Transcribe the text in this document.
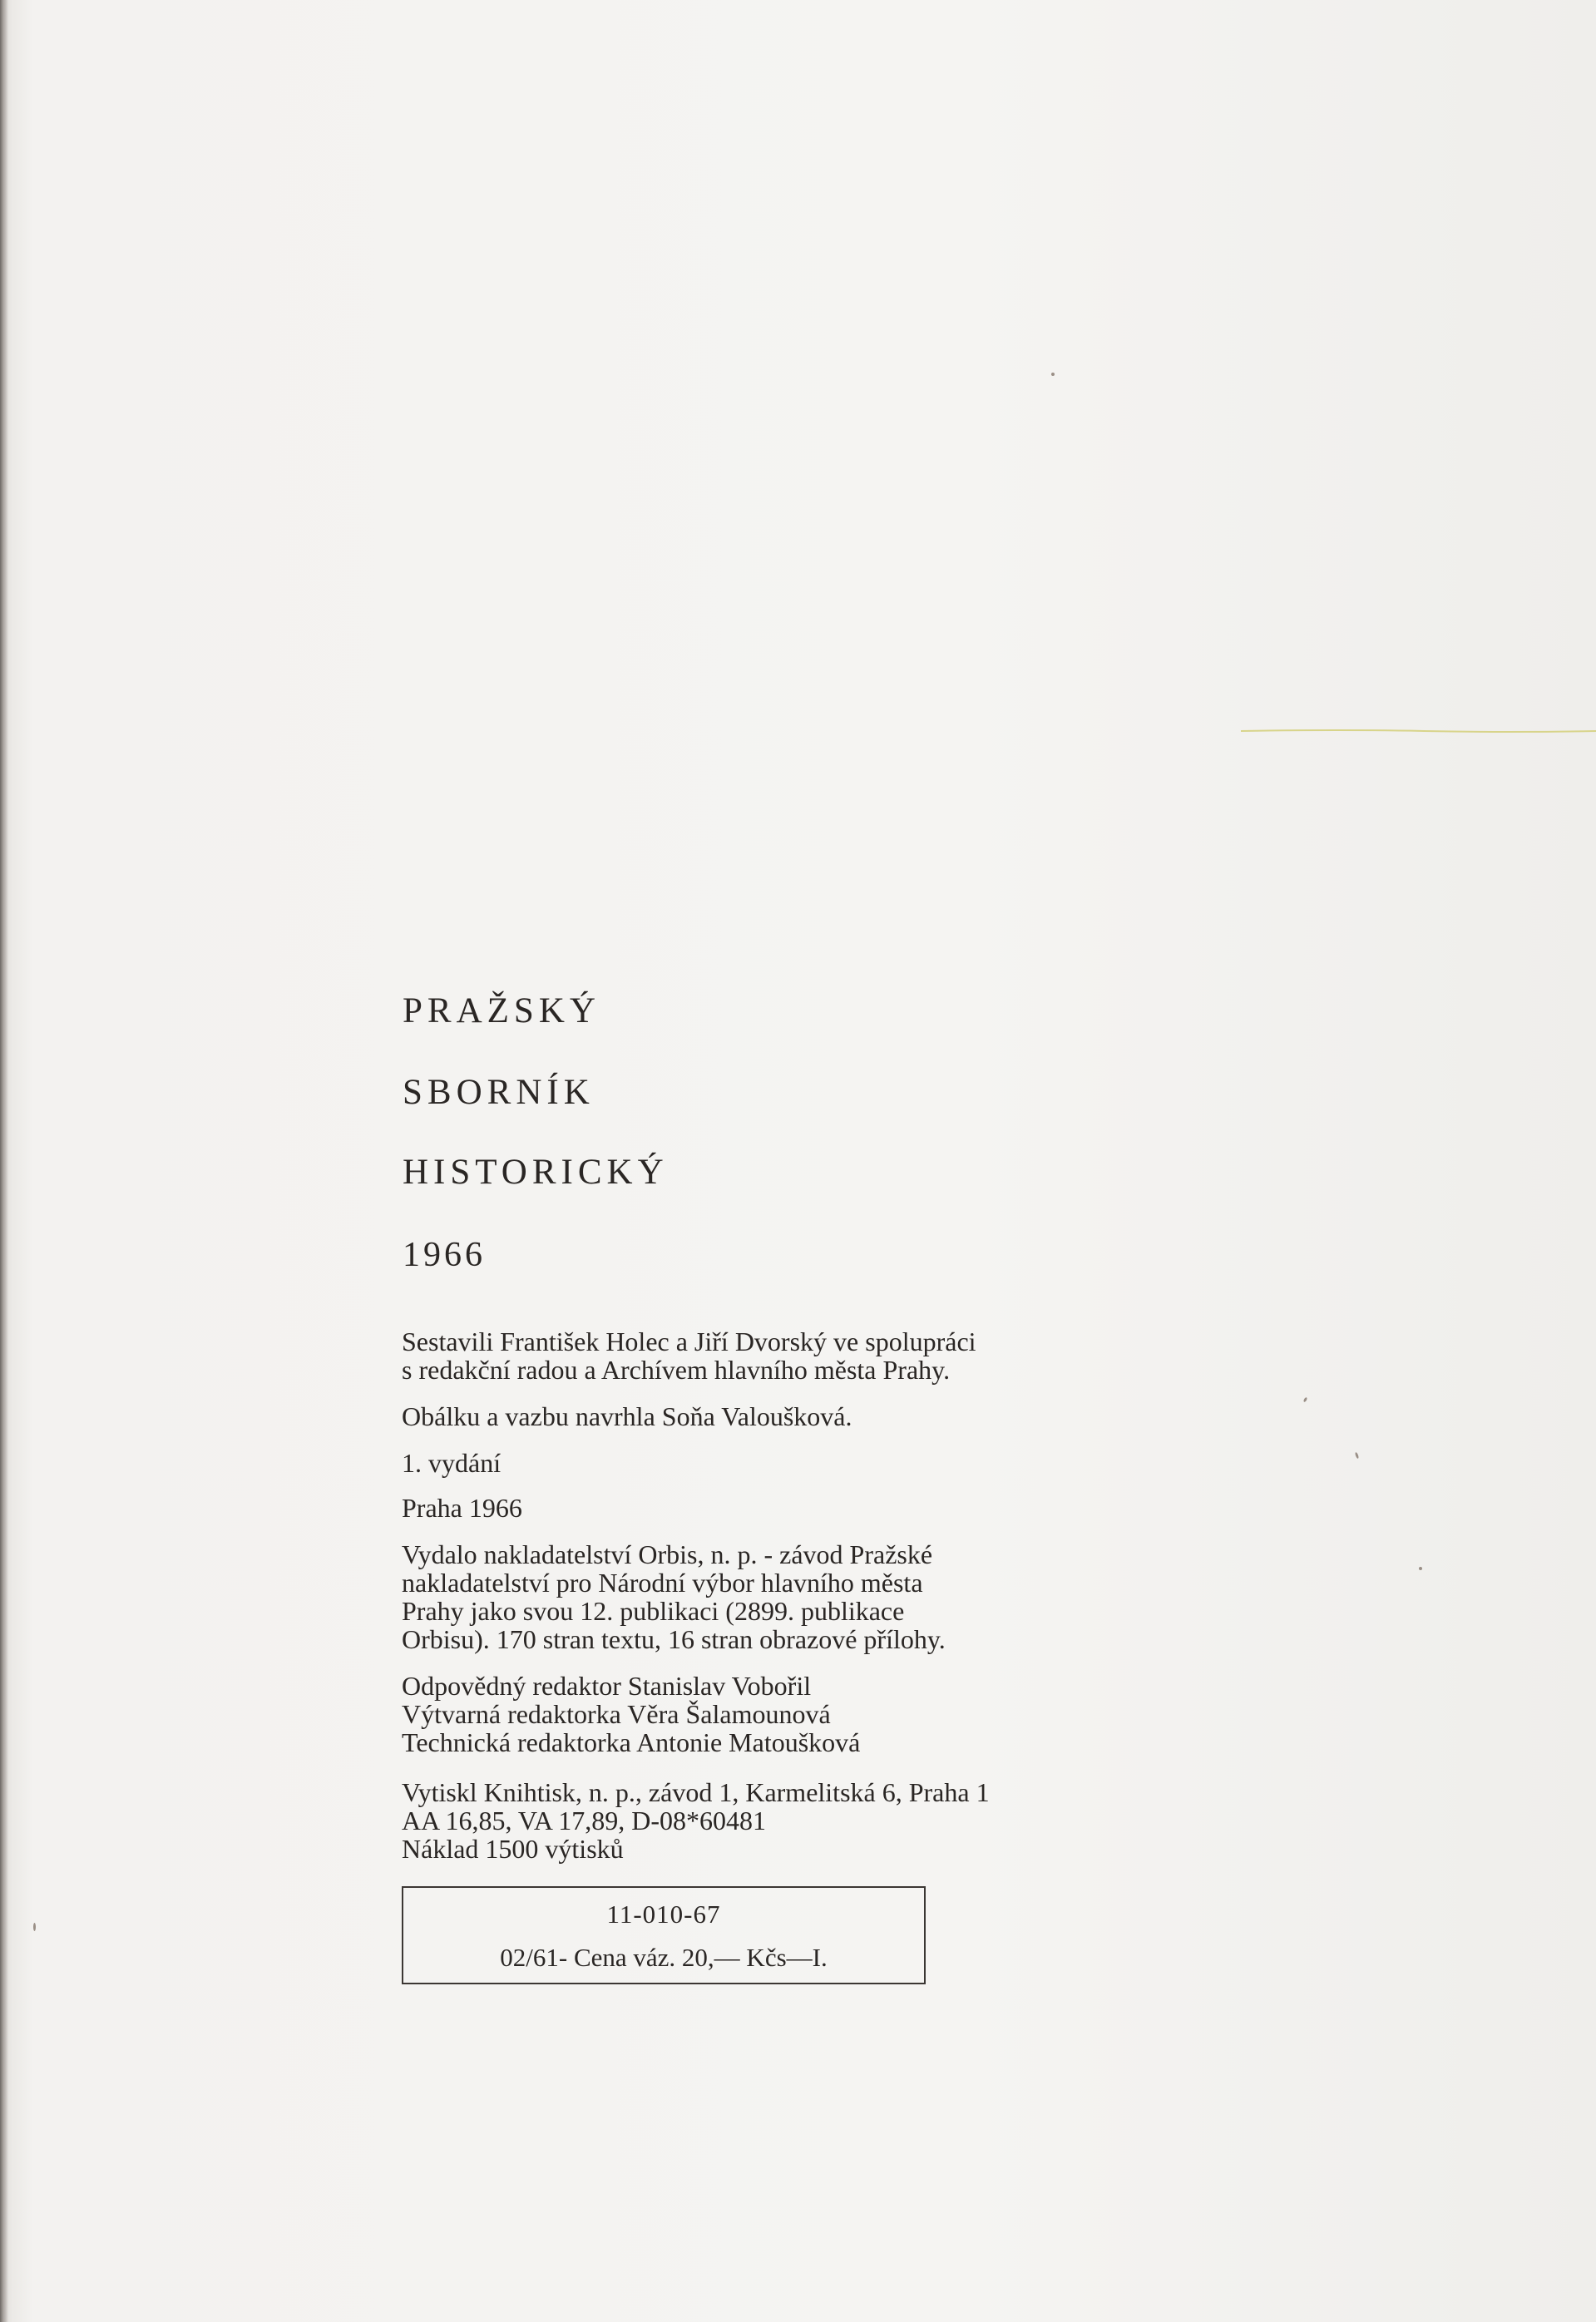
PRAŽSKÝ
SBORNÍK
HISTORICKÝ
1966
Sestavili František Holec a Jiří Dvorský ve spolupráci
s redakční radou a Archívem hlavního města Prahy.
Obálku a vazbu navrhla Soňa Valoušková.
1. vydání
Praha 1966
Vydalo nakladatelství Orbis, n. p. - závod Pražské
nakladatelství pro Národní výbor hlavního města
Prahy jako svou 12. publikaci (2899. publikace
Orbisu). 170 stran textu, 16 stran obrazové přílohy.
Odpovědný redaktor Stanislav Vobořil
Výtvarná redaktorka Věra Šalamounová
Technická redaktorka Antonie Matoušková
Vytiskl Knihtisk, n. p., závod 1, Karmelitská 6, Praha 1
AA 16,85, VA 17,89, D-08*60481
Náklad 1500 výtisků
11-010-67
02/61- Cena váz. 20,— Kčs—I.
